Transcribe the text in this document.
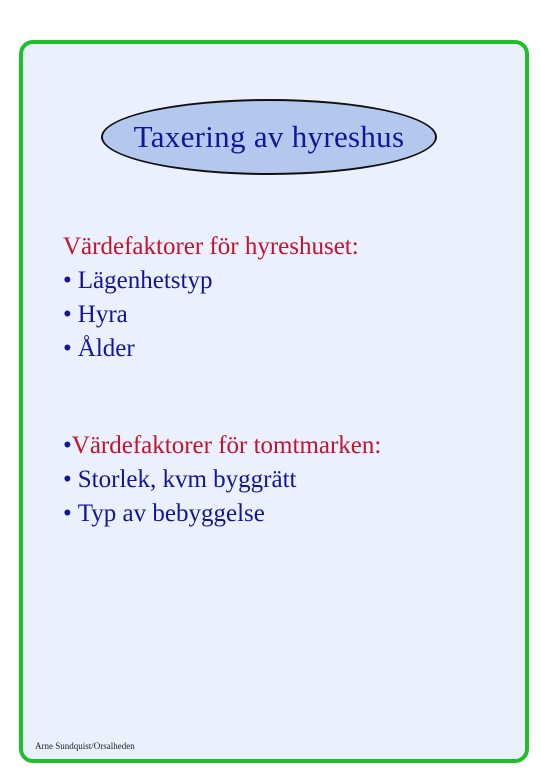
Taxering av hyreshus
Värdefaktorer för hyreshuset:
• Lägenhetstyp
• Hyra
• Ålder
•Värdefaktorer för tomtmarken:
• Storlek, kvm byggrätt
• Typ av bebyggelse
Arne Sundquist/Orsalheden
